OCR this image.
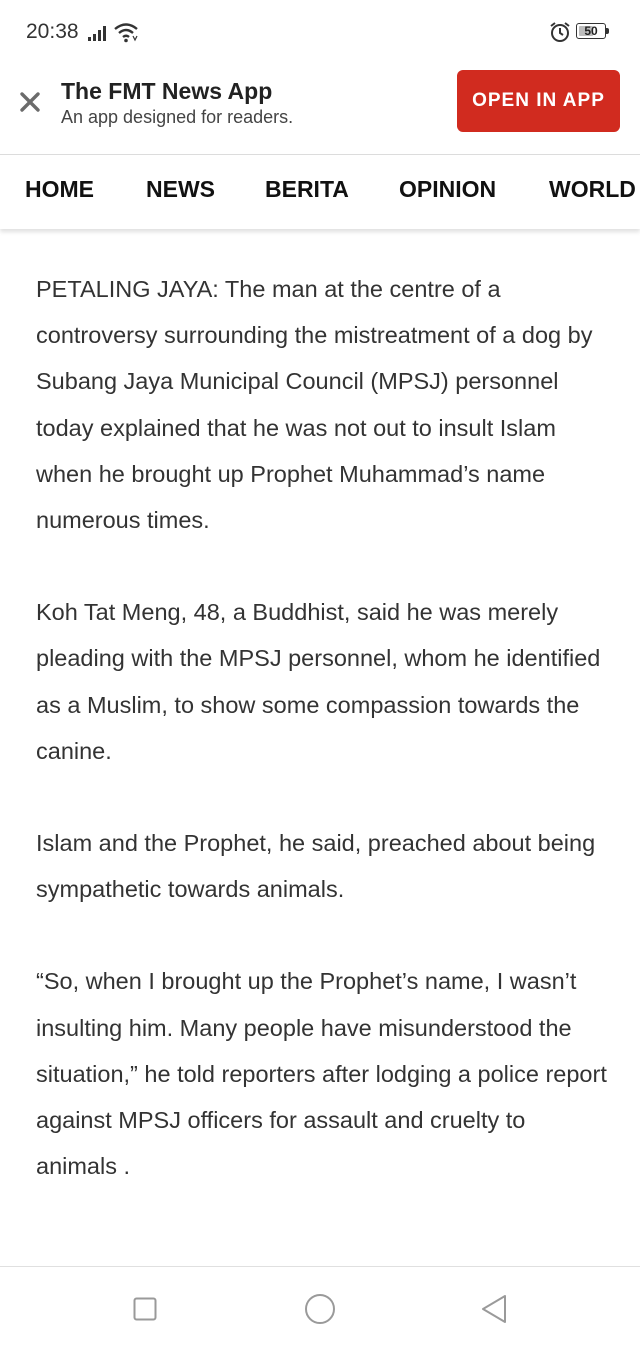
20:38	50
The FMT News App
An app designed for readers.
OPEN IN APP
HOME NEWS BERITA OPINION WORLD

PETALING JAYA: The man at the centre of a controversy surrounding the mistreatment of a dog by Subang Jaya Municipal Council (MPSJ) personnel today explained that he was not out to insult Islam when he brought up Prophet Muhammad’s name numerous times.

Koh Tat Meng, 48, a Buddhist, said he was merely pleading with the MPSJ personnel, whom he identified as a Muslim, to show some compassion towards the canine.

Islam and the Prophet, he said, preached about being sympathetic towards animals.

“So, when I brought up the Prophet’s name, I wasn’t insulting him. Many people have misunderstood the situation,” he told reporters after lodging a police report against MPSJ officers for assault and cruelty to animals .
